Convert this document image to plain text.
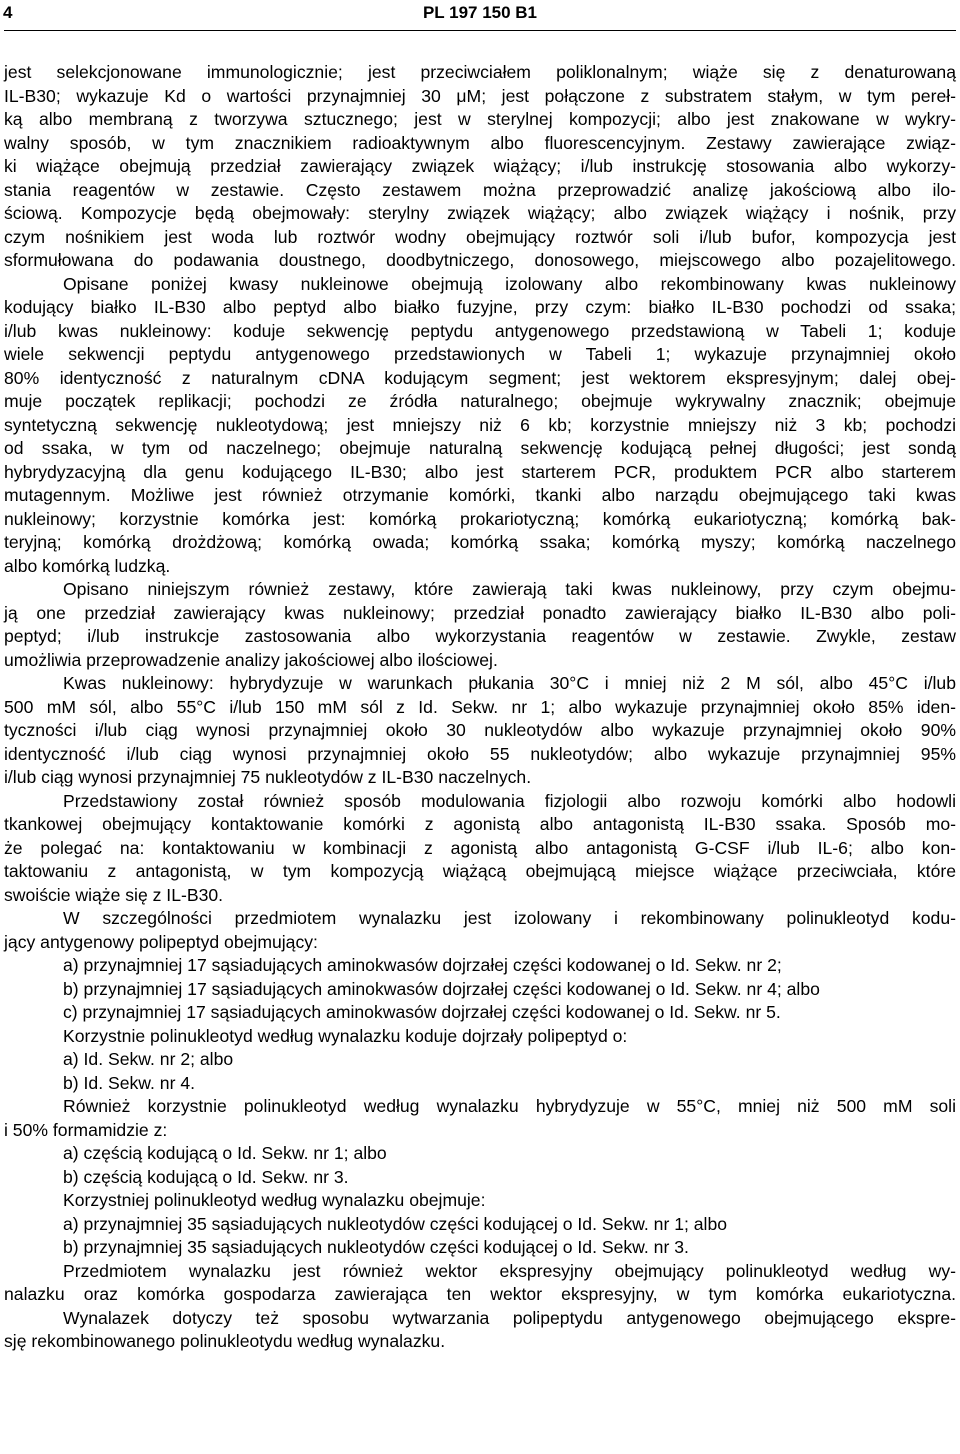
4	PL 197 150 B1
jest selekcjonowane immunologicznie; jest przeciwciałem poliklonalnym; wiąże się z denaturowaną
IL-B30; wykazuje Kd o wartości przynajmniej 30 μM; jest połączone z substratem stałym, w tym pereł-
ką albo membraną z tworzywa sztucznego; jest w sterylnej kompozycji; albo jest znakowane w wykry-
walny sposób, w tym znacznikiem radioaktywnym albo fluorescencyjnym. Zestawy zawierające związ-
ki wiążące obejmują przedział zawierający związek wiążący; i/lub instrukcję stosowania albo wykorzy-
stania reagentów w zestawie. Często zestawem można przeprowadzić analizę jakościową albo ilo-
ściową. Kompozycje będą obejmowały: sterylny związek wiążący; albo związek wiążący i nośnik, przy
czym nośnikiem jest woda lub roztwór wodny obejmujący roztwór soli i/lub bufor, kompozycja jest
sformułowana do podawania doustnego, doodbytniczego, donosowego, miejscowego albo pozajelitowego.
Opisane poniżej kwasy nukleinowe obejmują izolowany albo rekombinowany kwas nukleinowy
kodujący białko IL-B30 albo peptyd albo białko fuzyjne, przy czym: białko IL-B30 pochodzi od ssaka;
i/lub kwas nukleinowy: koduje sekwencję peptydu antygenowego przedstawioną w Tabeli 1; koduje
wiele sekwencji peptydu antygenowego przedstawionych w Tabeli 1; wykazuje przynajmniej około
80% identyczność z naturalnym cDNA kodującym segment; jest wektorem ekspresyjnym; dalej obej-
muje początek replikacji; pochodzi ze źródła naturalnego; obejmuje wykrywalny znacznik; obejmuje
syntetyczną sekwencję nukleotydową; jest mniejszy niż 6 kb; korzystnie mniejszy niż 3 kb; pochodzi
od ssaka, w tym od naczelnego; obejmuje naturalną sekwencję kodującą pełnej długości; jest sondą
hybrydyzacyjną dla genu kodującego IL-B30; albo jest starterem PCR, produktem PCR albo starterem
mutagennym. Możliwe jest również otrzymanie komórki, tkanki albo narządu obejmującego taki kwas
nukleinowy; korzystnie komórka jest: komórką prokariotyczną; komórką eukariotyczną; komórką bak-
teryjną; komórką drożdżową; komórką owada; komórką ssaka; komórką myszy; komórką naczelnego
albo komórką ludzką.
Opisano niniejszym również zestawy, które zawierają taki kwas nukleinowy, przy czym obejmu-
ją one przedział zawierający kwas nukleinowy; przedział ponadto zawierający białko IL-B30 albo poli-
peptyd; i/lub instrukcje zastosowania albo wykorzystania reagentów w zestawie. Zwykle, zestaw
umożliwia przeprowadzenie analizy jakościowej albo ilościowej.
Kwas nukleinowy: hybrydyzuje w warunkach płukania 30°C i mniej niż 2 M sól, albo 45°C i/lub
500 mM sól, albo 55°C i/lub 150 mM sól z Id. Sekw. nr 1; albo wykazuje przynajmniej około 85% iden-
tyczności i/lub ciąg wynosi przynajmniej około 30 nukleotydów albo wykazuje przynajmniej około 90%
identyczność i/lub ciąg wynosi przynajmniej około 55 nukleotydów; albo wykazuje przynajmniej 95%
i/lub ciąg wynosi przynajmniej 75 nukleotydów z IL-B30 naczelnych.
Przedstawiony został również sposób modulowania fizjologii albo rozwoju komórki albo hodowli
tkankowej obejmujący kontaktowanie komórki z agonistą albo antagonistą IL-B30 ssaka. Sposób mo-
że polegać na: kontaktowaniu w kombinacji z agonistą albo antagonistą G-CSF i/lub IL-6; albo kon-
taktowaniu z antagonistą, w tym kompozycją wiążącą obejmującą miejsce wiążące przeciwciała, które
swoiście wiąże się z IL-B30.
W szczególności przedmiotem wynalazku jest izolowany i rekombinowany polinukleotyd kodu-
jący antygenowy polipeptyd obejmujący:
a) przynajmniej 17 sąsiadujących aminokwasów dojrzałej części kodowanej o Id. Sekw. nr 2;
b) przynajmniej 17 sąsiadujących aminokwasów dojrzałej części kodowanej o Id. Sekw. nr 4; albo
c) przynajmniej 17 sąsiadujących aminokwasów dojrzałej części kodowanej o Id. Sekw. nr 5.
Korzystnie polinukleotyd według wynalazku koduje dojrzały polipeptyd o:
a) Id. Sekw. nr 2; albo
b) Id. Sekw. nr 4.
Również korzystnie polinukleotyd według wynalazku hybrydyzuje w 55°C, mniej niż 500 mM soli
i 50% formamidzie z:
a) częścią kodującą o Id. Sekw. nr 1; albo
b) częścią kodującą o Id. Sekw. nr 3.
Korzystniej polinukleotyd według wynalazku obejmuje:
a) przynajmniej 35 sąsiadujących nukleotydów części kodującej o Id. Sekw. nr 1; albo
b) przynajmniej 35 sąsiadujących nukleotydów części kodującej o Id. Sekw. nr 3.
Przedmiotem wynalazku jest również wektor ekspresyjny obejmujący polinukleotyd według wy-
nalazku oraz komórka gospodarza zawierająca ten wektor ekspresyjny, w tym komórka eukariotyczna.
Wynalazek dotyczy też sposobu wytwarzania polipeptydu antygenowego obejmującego ekspre-
sję rekombinowanego polinukleotydu według wynalazku.
